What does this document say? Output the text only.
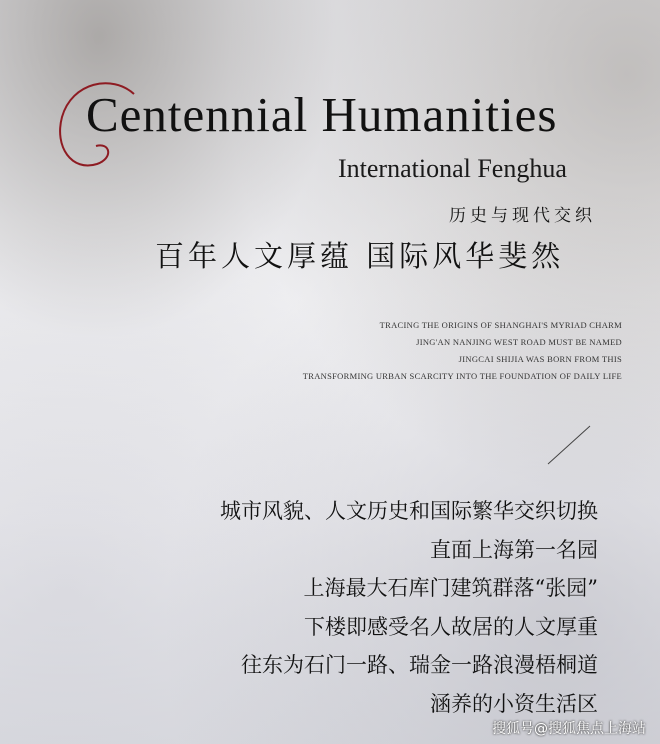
Centennial Humanities
International Fenghua
历史与现代交织
百年人文厚蕴 国际风华斐然
TRACING THE ORIGINS OF SHANGHAI'S MYRIAD CHARM
JING'AN NANJING WEST ROAD MUST BE NAMED
JINGCAI SHIJIA WAS BORN FROM THIS
TRANSFORMING URBAN SCARCITY INTO THE FOUNDATION OF DAILY LIFE
城市风貌、人文历史和国际繁华交织切换
直面上海第一名园
上海最大石库门建筑群落“张园”
下楼即感受名人故居的人文厚重
往东为石门一路、瑞金一路浪漫梧桐道
涵养的小资生活区
搜狐号@搜狐焦点上海站
